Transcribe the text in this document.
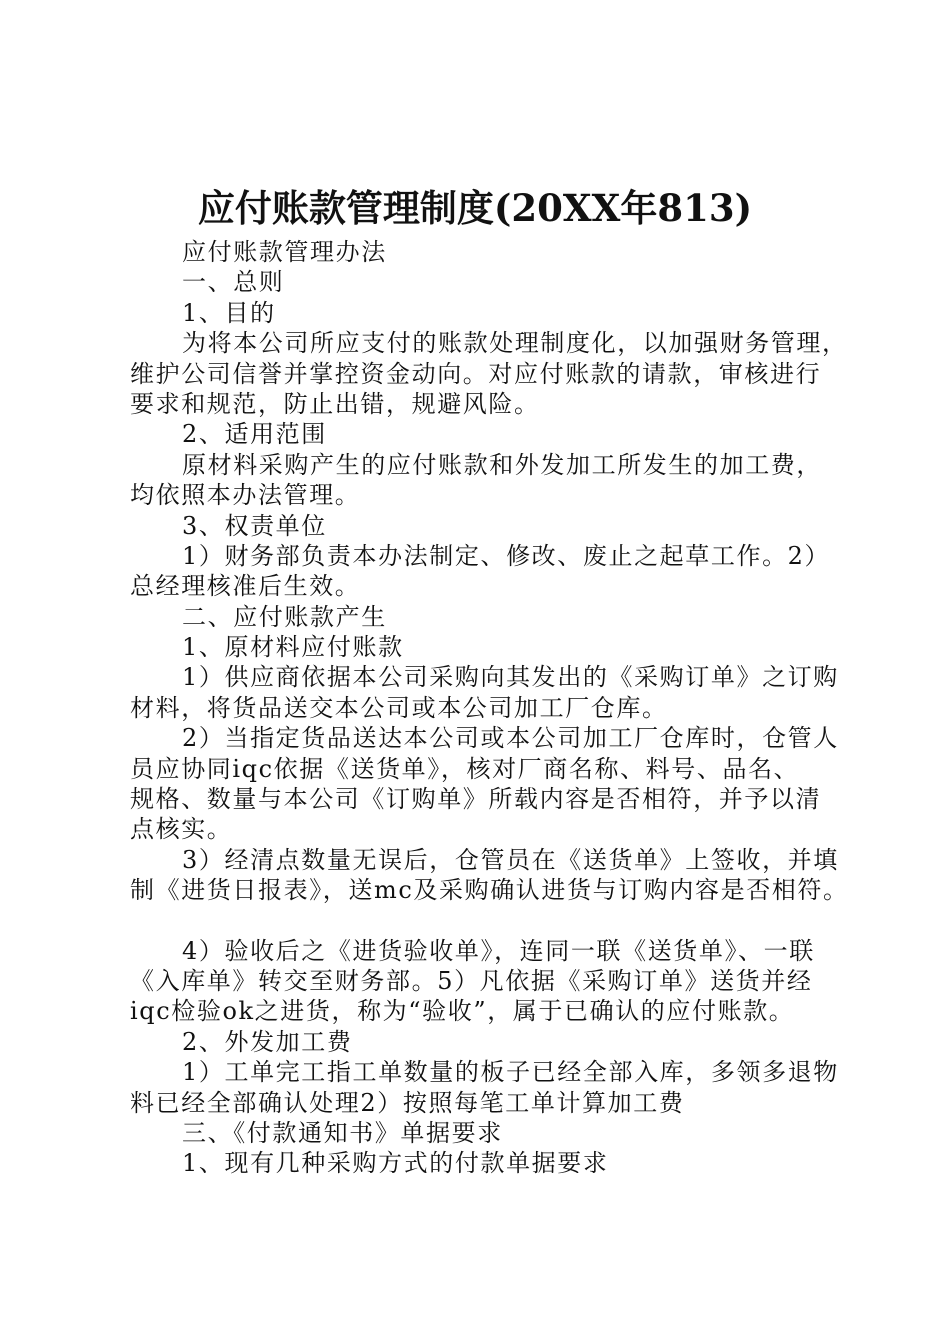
应付账款管理制度(20XX年813)
应付账款管理办法
一、总则
1、目的
为将本公司所应支付的账款处理制度化，以加强财务管理，
维护公司信誉并掌控资金动向。对应付账款的请款，审核进行
要求和规范，防止出错，规避风险。
2、适用范围
原材料采购产生的应付账款和外发加工所发生的加工费，
均依照本办法管理。
3、权责单位
1）财务部负责本办法制定、修改、废止之起草工作。2）
总经理核准后生效。
二、应付账款产生
1、原材料应付账款
1）供应商依据本公司采购向其发出的《采购订单》之订购
材料，将货品送交本公司或本公司加工厂仓库。
2）当指定货品送达本公司或本公司加工厂仓库时，仓管人
员应协同iqc依据《送货单》，核对厂商名称、料号、品名、
规格、数量与本公司《订购单》所载内容是否相符，并予以清
点核实。
3）经清点数量无误后，仓管员在《送货单》上签收，并填
制《进货日报表》，送mc及采购确认进货与订购内容是否相符。
4）验收后之《进货验收单》，连同一联《送货单》、一联
《入库单》转交至财务部。5）凡依据《采购订单》送货并经
iqc检验ok之进货，称为“验收”，属于已确认的应付账款。
2、外发加工费
1）工单完工指工单数量的板子已经全部入库，多领多退物
料已经全部确认处理2）按照每笔工单计算加工费
三、《付款通知书》单据要求
1、现有几种采购方式的付款单据要求
